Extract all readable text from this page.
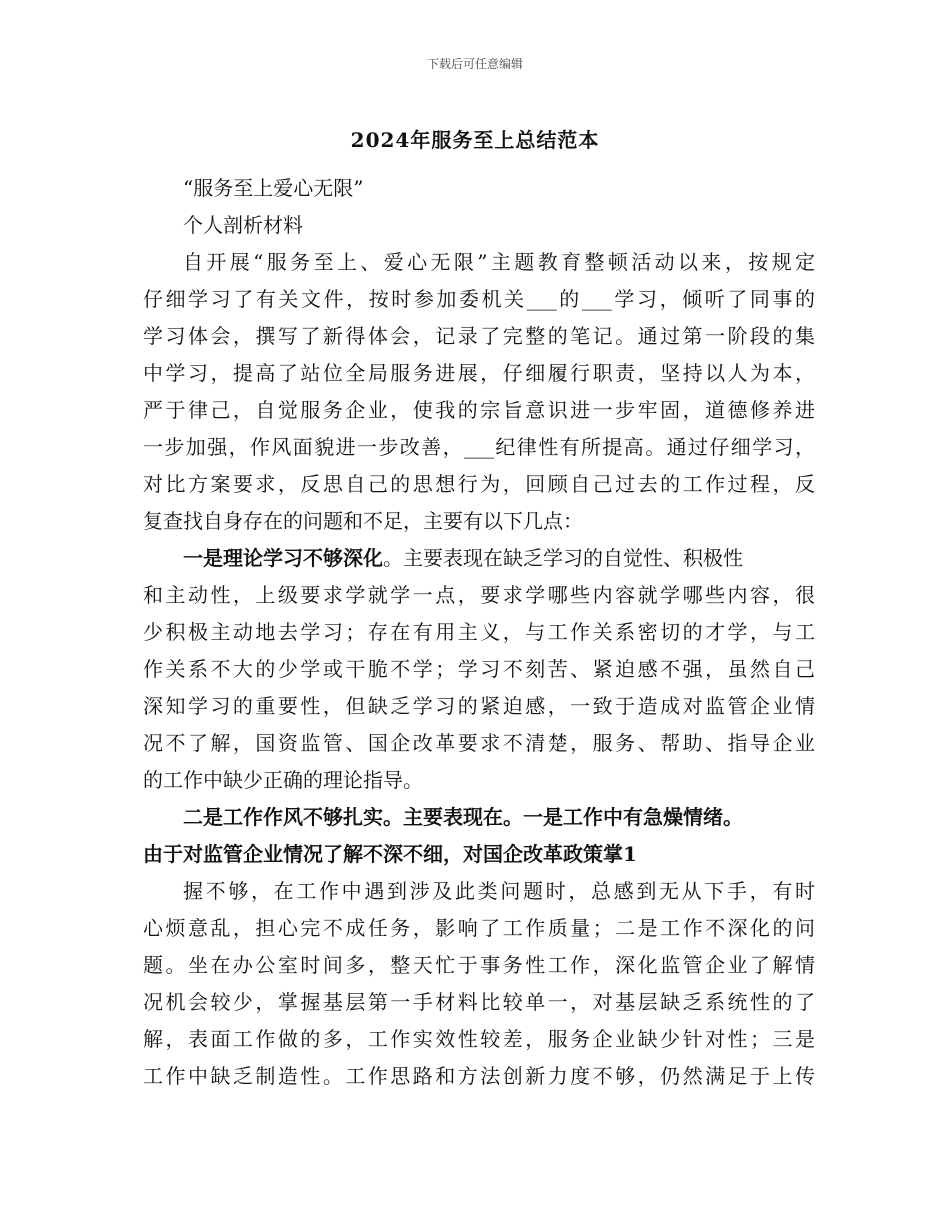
下载后可任意编辑
2024年服务至上总结范本
“服务至上爱心无限”
个人剖析材料
自开展“服务至上、爱心无限”主题教育整顿活动以来，按规定
仔细学习了有关文件，按时参加委机关___的___学习，倾听了同事的
学习体会，撰写了新得体会，记录了完整的笔记。通过第一阶段的集
中学习，提高了站位全局服务进展，仔细履行职责，坚持以人为本，
严于律己，自觉服务企业，使我的宗旨意识进一步牢固，道德修养进
一步加强，作风面貌进一步改善，___纪律性有所提高。通过仔细学习，
对比方案要求，反思自己的思想行为，回顾自己过去的工作过程，反
复查找自身存在的问题和不足，主要有以下几点：
一是理论学习不够深化。主要表现在缺乏学习的自觉性、积极性
和主动性，上级要求学就学一点，要求学哪些内容就学哪些内容，很
少积极主动地去学习；存在有用主义，与工作关系密切的才学，与工
作关系不大的少学或干脆不学；学习不刻苦、紧迫感不强，虽然自己
深知学习的重要性，但缺乏学习的紧迫感，一致于造成对监管企业情
况不了解，国资监管、国企改革要求不清楚，服务、帮助、指导企业
的工作中缺少正确的理论指导。
二是工作作风不够扎实。主要表现在。一是工作中有急燥情绪。
由于对监管企业情况了解不深不细，对国企改革政策掌1
握不够，在工作中遇到涉及此类问题时，总感到无从下手，有时
心烦意乱，担心完不成任务，影响了工作质量；二是工作不深化的问
题。坐在办公室时间多，整天忙于事务性工作，深化监管企业了解情
况机会较少，掌握基层第一手材料比较单一，对基层缺乏系统性的了
解，表面工作做的多，工作实效性较差，服务企业缺少针对性；三是
工作中缺乏制造性。工作思路和方法创新力度不够，仍然满足于上传
